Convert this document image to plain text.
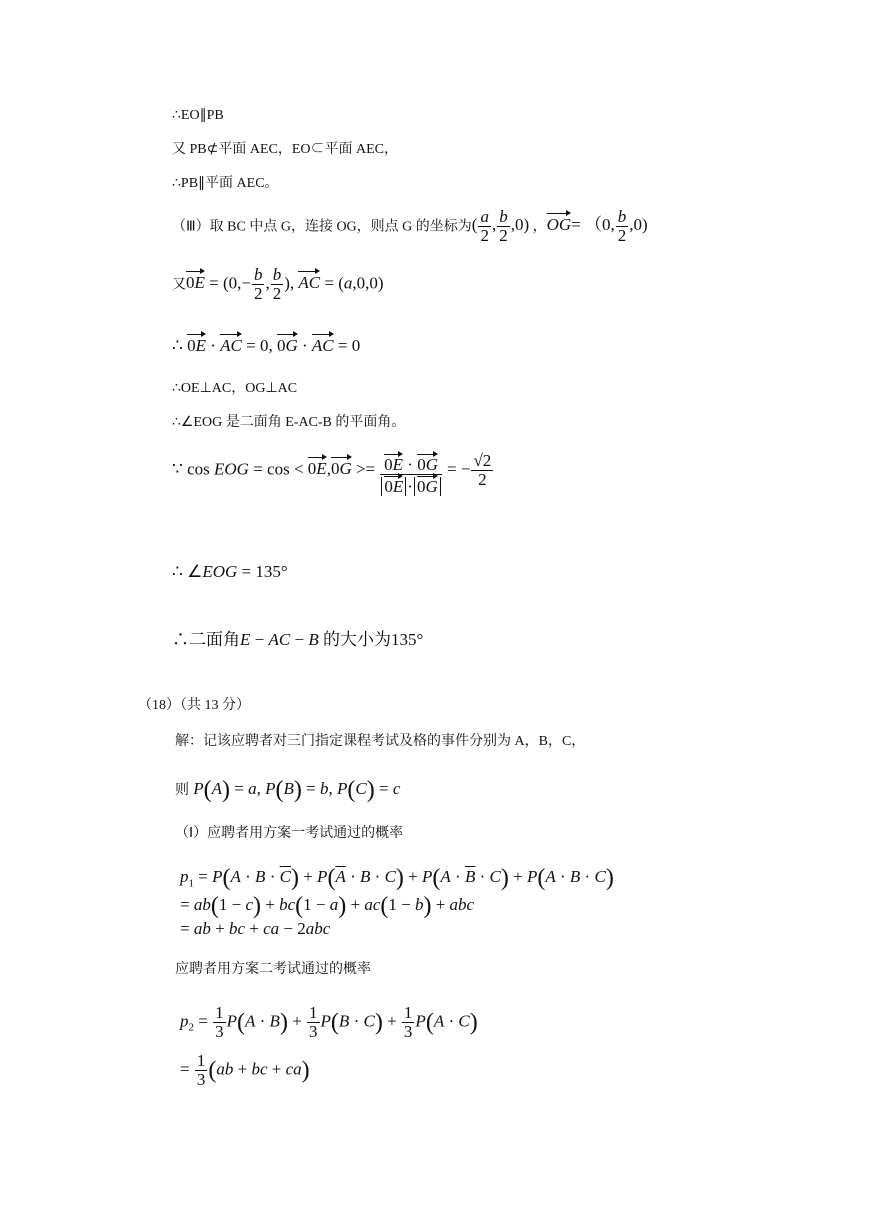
∴EO∥PB
又 PB⊄平面 AEC，EO⊂平面 AEC，
∴PB∥平面 AEC。
（Ⅲ）取 BC 中点 G，连接 OG，则点 G 的坐标为( $\frac{a}{2}$ , $\frac{b}{2} ,0$) ，OG= （0, $\frac{b}{2} ,0$)
又$0E = (0,- \frac{b}{2}$ , $\frac{b}{2}$ ), AC = (a,0,0)
∴ 0E · AC = 0, 0G · AC = 0
∴OE⊥AC，OG⊥AC
∴∠EOG 是二面角 E-AC-B 的平面角。
∵ cos EOG = $\cos < 0E,0G >= \frac{0E \cdot 0G}{0E \cdot 0G}$ = − $\frac{√2}{2}$
∴ ∠EOG = 135°
∴二面角E − AC − B 的大小为135°
（18）（共 13 分）
解：记该应聘者对三门指定课程考试及格的事件分别为 A，B，C，
则 P(A) = a, P(B) = b, P(C) = c
（Ⅰ）应聘者用方案一考试通过的概率
$p_1 = P(A \cdot B \cdot \overline{C}) + P(\overline{A} \cdot B \cdot C) + P(A \cdot \overline{B} \cdot C) + P(A \cdot B \cdot C)$
= ab(1 − c) + bc(1 − a) + ac(1 − b) + abc
= ab + bc + ca − 2abc
应聘者用方案二考试通过的概率
$p_2 = \frac{1}{3} P(A \cdot B) + \frac{1}{3} P(B \cdot C) + \frac{1}{3} P(A \cdot C)$
= $\frac{1}{3} (ab$ + bc + ca)
